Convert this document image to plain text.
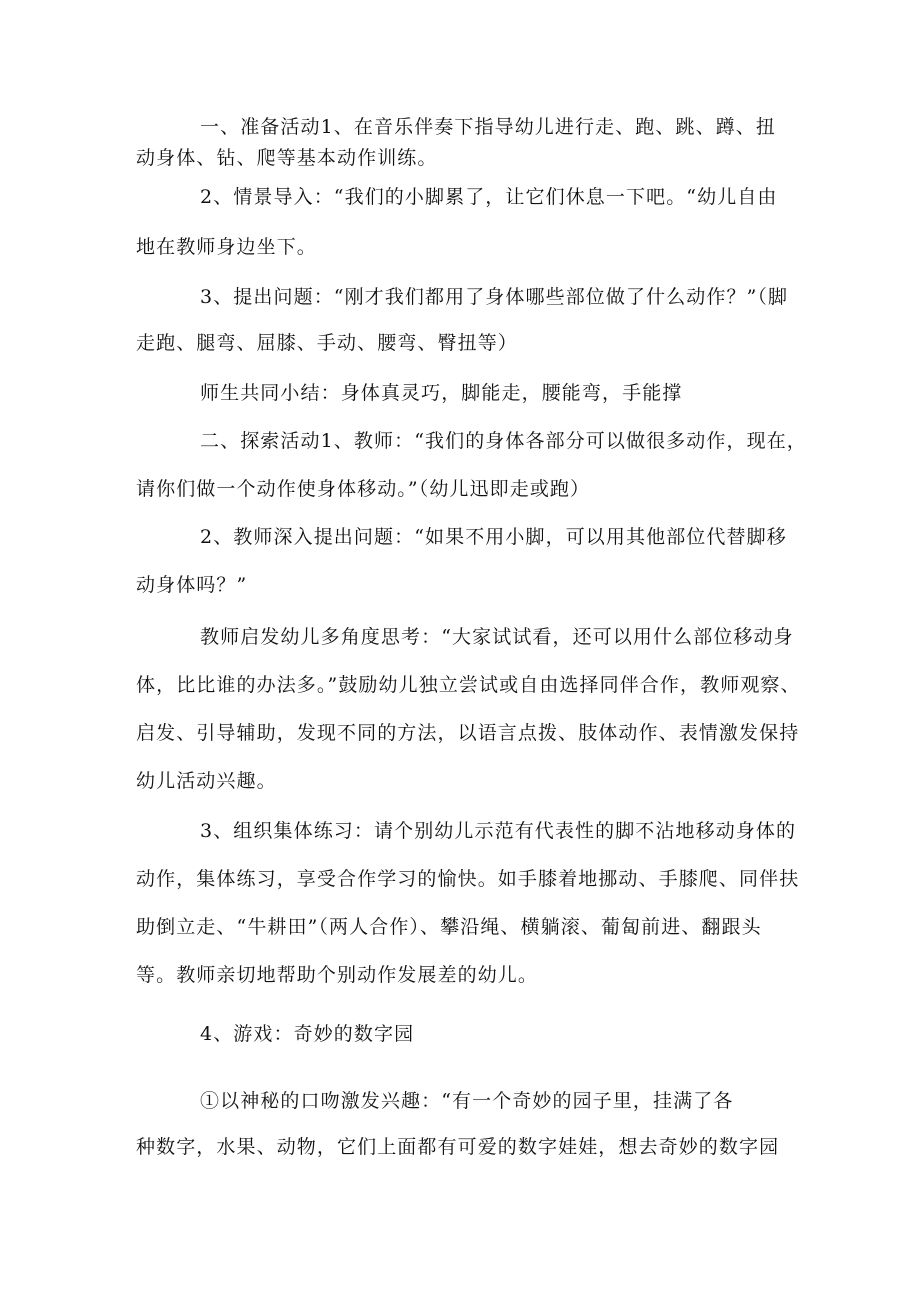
一、准备活动1、在音乐伴奏下指导幼儿进行走、跑、跳、蹲、扭
动身体、钻、爬等基本动作训练。
2、情景导入：“我们的小脚累了，让它们休息一下吧。“幼儿自由
地在教师身边坐下。
3、提出问题：“刚才我们都用了身体哪些部位做了什么动作？”（脚
走跑、腿弯、屈膝、手动、腰弯、臀扭等）
师生共同小结：身体真灵巧，脚能走，腰能弯，手能撑
二、探索活动1、教师：“我们的身体各部分可以做很多动作，现在，
请你们做一个动作使身体移动。”（幼儿迅即走或跑）
2、教师深入提出问题：“如果不用小脚，可以用其他部位代替脚移
动身体吗？”
教师启发幼儿多角度思考：“大家试试看，还可以用什么部位移动身
体，比比谁的办法多。”鼓励幼儿独立尝试或自由选择同伴合作，教师观察、
启发、引导辅助，发现不同的方法，以语言点拨、肢体动作、表情激发保持
幼儿活动兴趣。
3、组织集体练习：请个别幼儿示范有代表性的脚不沾地移动身体的
动作，集体练习，享受合作学习的愉快。如手膝着地挪动、手膝爬、同伴扶
助倒立走、“牛耕田”（两人合作）、攀沿绳、横躺滚、葡匐前进、翻跟头
等。教师亲切地帮助个别动作发展差的幼儿。
4、游戏：奇妙的数字园
①以神秘的口吻激发兴趣：“有一个奇妙的园子里，挂满了各
种数字，水果、动物，它们上面都有可爱的数字娃娃，想去奇妙的数字园
